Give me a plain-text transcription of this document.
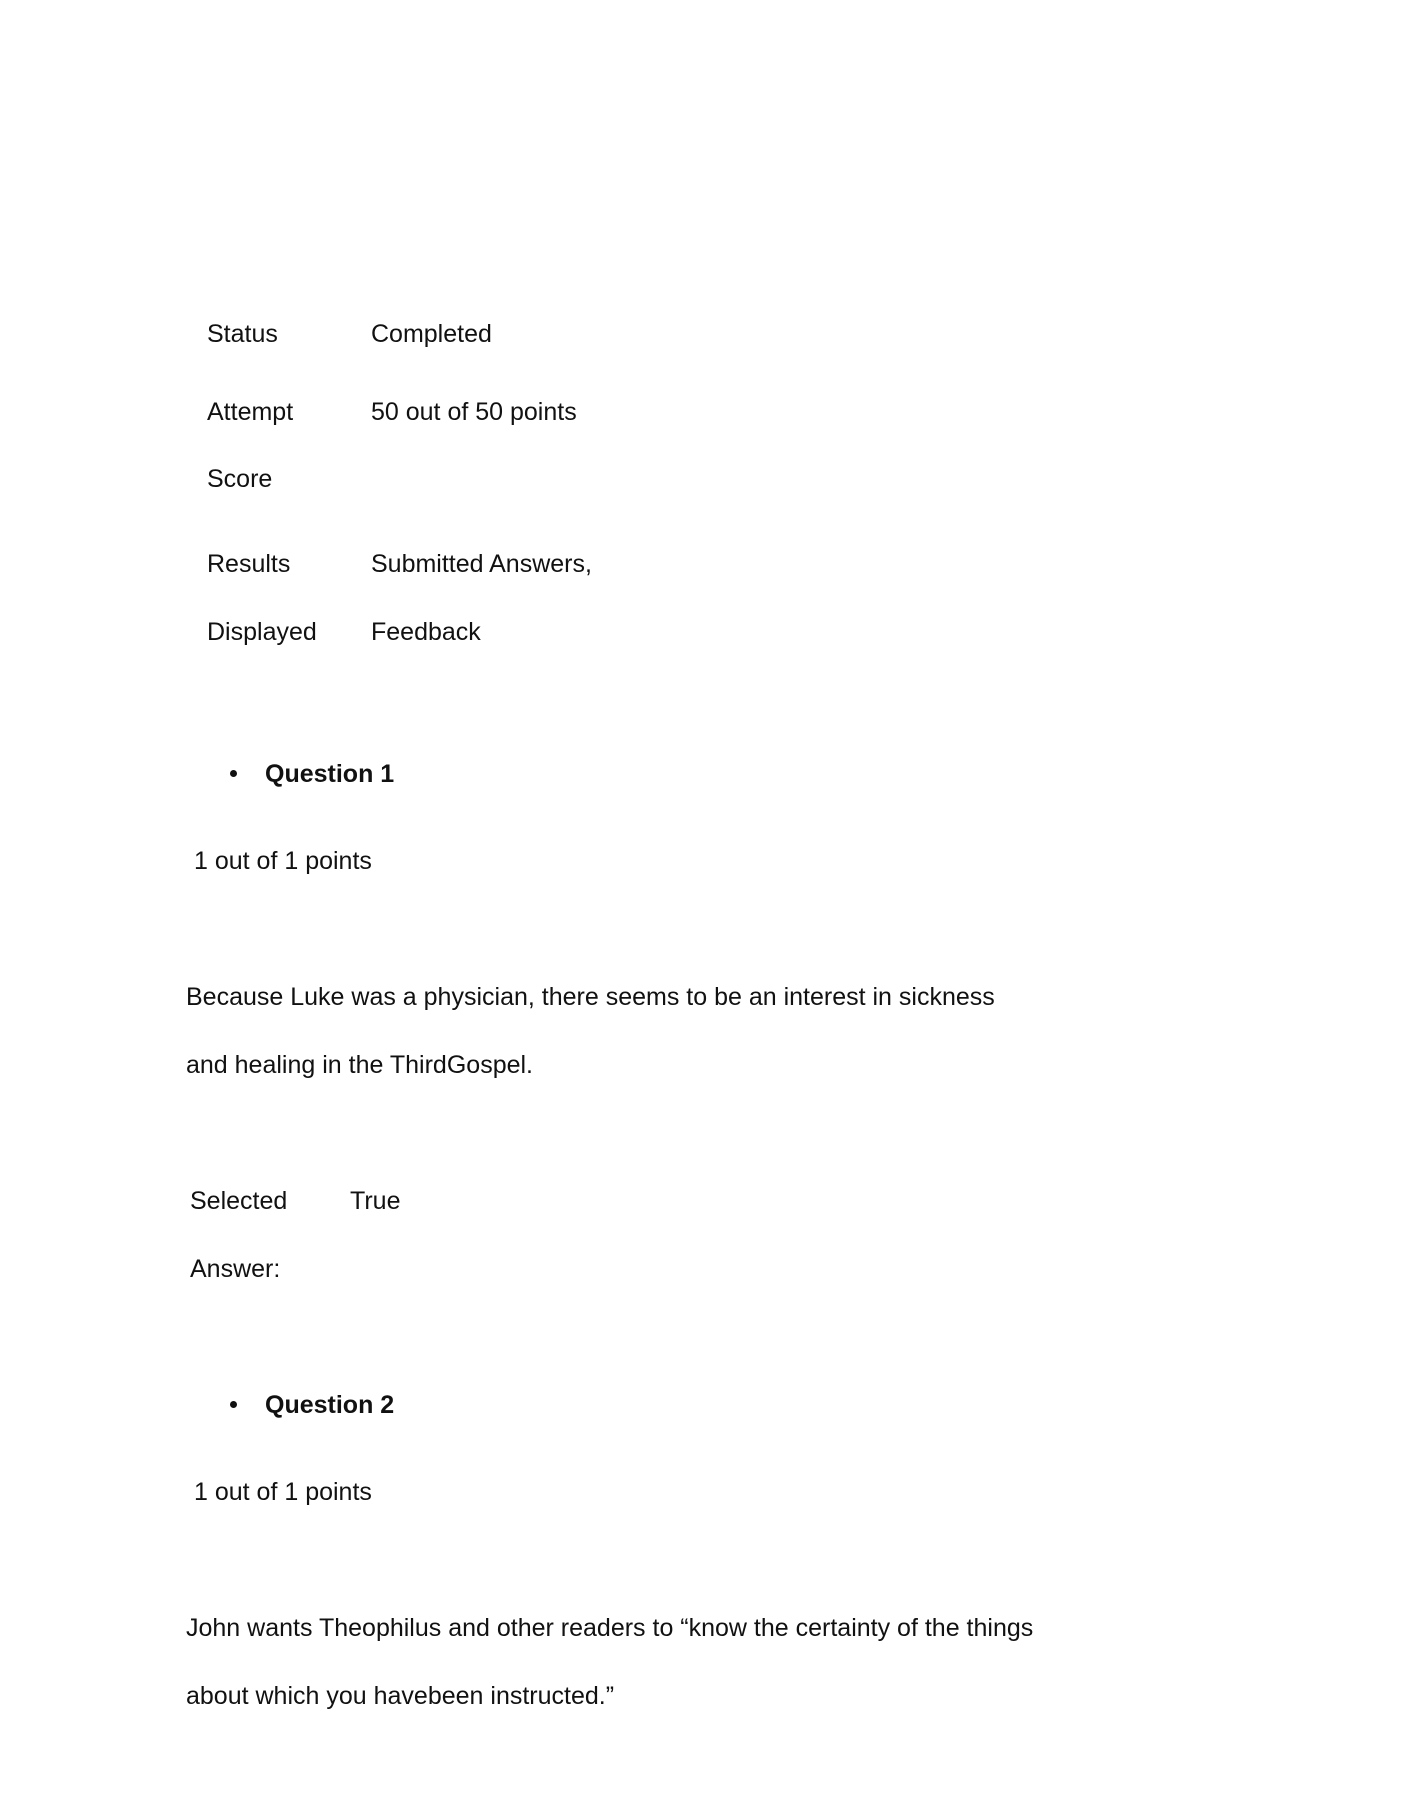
Status	Completed
Attempt
Score
50 out of 50 points
Results
Displayed
Submitted Answers,
Feedback
Question 1
1 out of 1 points
Because Luke was a physician, there seems to be an interest in sickness
and healing in the ThirdGospel.
Selected
Answer:
True
Question 2
1 out of 1 points
John wants Theophilus and other readers to “know the certainty of the things
about which you havebeen instructed.”
